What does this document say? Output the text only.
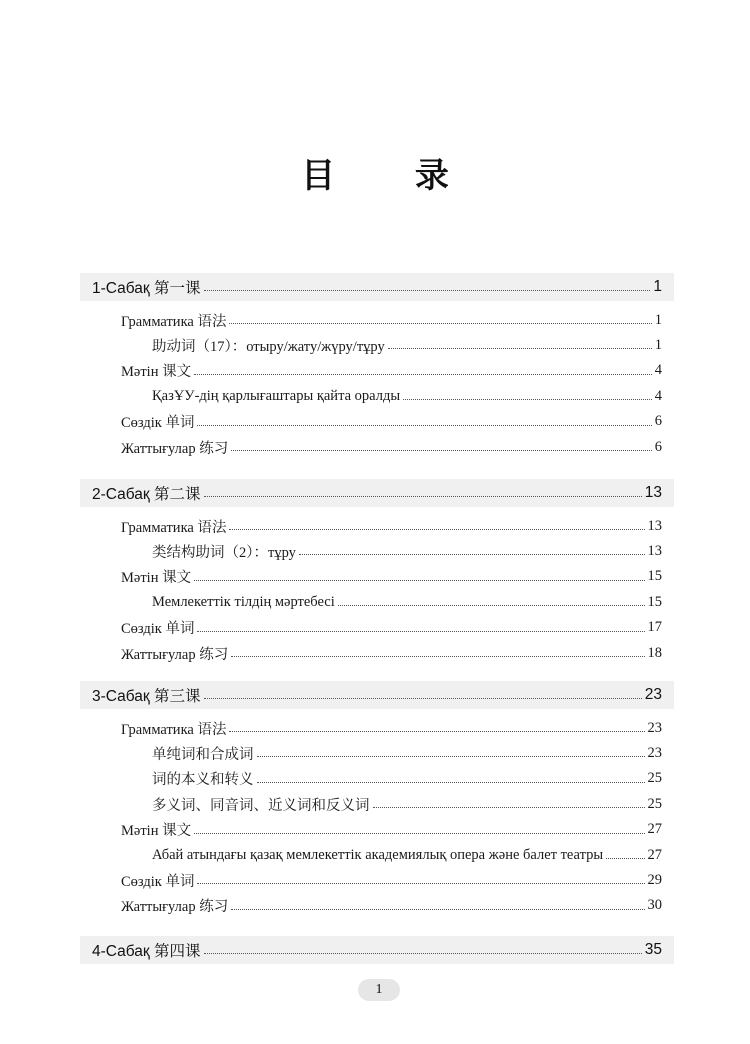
目 录
1-Сабақ 第一课	1
Грамматика 语法	1
助动词（17）：отыру/жату/жүру/тұру	1
Мәтін 课文	4
ҚазҰУ-дің қарлығаштары қайта оралды	4
Сөздік 单词	6
Жаттығулар 练习	6
2-Сабақ 第二课	13
Грамматика 语法	13
类结构助词（2）：тұру	13
Мәтін 课文	15
Мемлекеттік тілдің мәртебесі	15
Сөздік 单词	17
Жаттығулар 练习	18
3-Сабақ 第三课	23
Грамматика 语法	23
单纯词和合成词	23
词的本义和转义	25
多义词、同音词、近义词和反义词	25
Мәтін 课文	27
Абай атындағы қазақ мемлекеттік академиялық опера және балет театры	27
Сөздік 单词	29
Жаттығулар 练习	30
4-Сабақ 第四课	35
1
